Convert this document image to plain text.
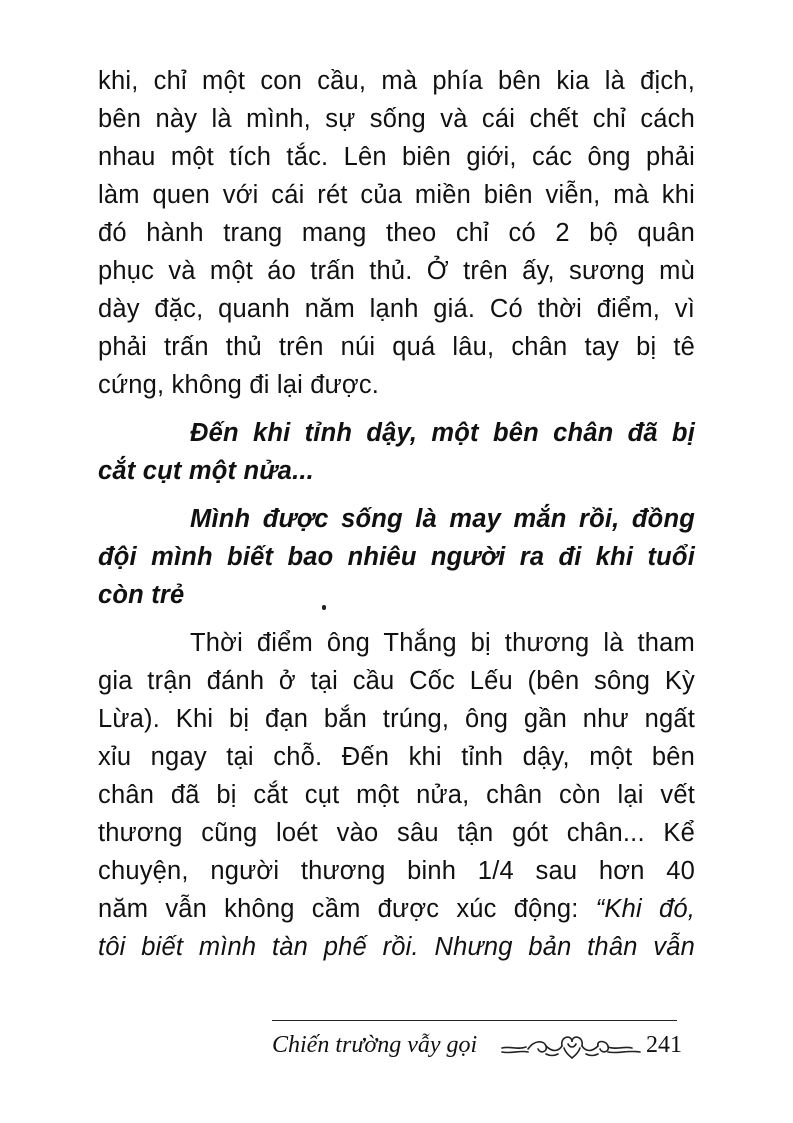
khi, chỉ một con cầu, mà phía bên kia là địch,
bên này là mình, sự sống và cái chết chỉ cách
nhau một tích tắc. Lên biên giới, các ông phải
làm quen với cái rét của miền biên viễn, mà khi
đó hành trang mang theo chỉ có 2 bộ quân
phục và một áo trấn thủ. Ở trên ấy, sương mù
dày đặc, quanh năm lạnh giá. Có thời điểm, vì
phải trấn thủ trên núi quá lâu, chân tay bị tê
cứng, không đi lại được.
Đến khi tỉnh dậy, một bên chân đã bị
cắt cụt một nửa...
Mình được sống là may mắn rồi, đồng
đội mình biết bao nhiêu người ra đi khi tuổi
còn trẻ
Thời điểm ông Thắng bị thương là tham
gia trận đánh ở tại cầu Cốc Lếu (bên sông Kỳ
Lừa). Khi bị đạn bắn trúng, ông gần như ngất
xỉu ngay tại chỗ. Đến khi tỉnh dậy, một bên
chân đã bị cắt cụt một nửa, chân còn lại vết
thương cũng loét vào sâu tận gót chân... Kể
chuyện, người thương binh 1/4 sau hơn 40
năm vẫn không cầm được xúc động: “Khi đó,
tôi biết mình tàn phế rồi. Nhưng bản thân vẫn
Chiến trường vẫy gọi	241
